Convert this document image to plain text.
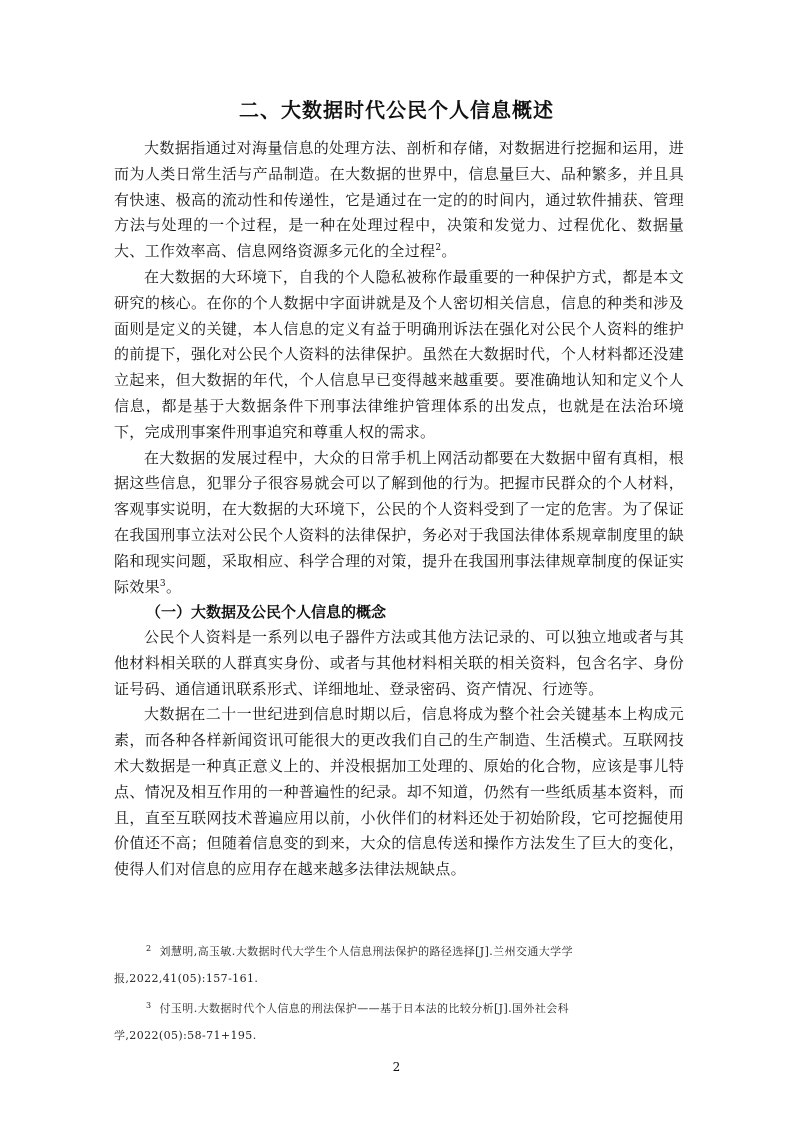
二、大数据时代公民个人信息概述

大数据指通过对海量信息的处理方法、剖析和存储，对数据进行挖掘和运用，进而为人类日常生活与产品制造。在大数据的世界中，信息量巨大、品种繁多，并且具有快速、极高的流动性和传递性，它是通过在一定的的时间内，通过软件捕获、管理方法与处理的一个过程，是一种在处理过程中，决策和发觉力、过程优化、数据量大、工作效率高、信息网络资源多元化的全过程$^2$。

在大数据的大环境下，自我的个人隐私被称作最重要的一种保护方式，都是本文研究的核心。在你的个人数据中字面讲就是及个人密切相关信息，信息的种类和涉及面则是定义的关键，本人信息的定义有益于明确刑诉法在强化对公民个人资料的维护的前提下，强化对公民个人资料的法律保护。虽然在大数据时代，个人材料都还没建立起来，但大数据的年代，个人信息早已变得越来越重要。要准确地认知和定义个人信息，都是基于大数据条件下刑事法律维护管理体系的出发点，也就是在法治环境下，完成刑事案件刑事追究和尊重人权的需求。

在大数据的发展过程中，大众的日常手机上网活动都要在大数据中留有真相，根据这些信息，犯罪分子很容易就会可以了解到他的行为。把握市民群众的个人材料，客观事实说明，在大数据的大环境下，公民的个人资料受到了一定的危害。为了保证在我国刑事立法对公民个人资料的法律保护，务必对于我国法律体系规章制度里的缺陷和现实问题，采取相应、科学合理的对策，提升在我国刑事法律规章制度的保证实际效果$^3$。

（一）大数据及公民个人信息的概念

公民个人资料是一系列以电子器件方法或其他方法记录的、可以独立地或者与其他材料相关联的人群真实身份、或者与其他材料相关联的相关资料，包含名字、身份证号码、通信通讯联系形式、详细地址、登录密码、资产情况、行迹等。

大数据在二十一世纪进到信息时期以后，信息将成为整个社会关键基本上构成元素，而各种各样新闻资讯可能很大的更改我们自己的生产制造、生活模式。互联网技术大数据是一种真正意义上的、并没根据加工处理的、原始的化合物，应该是事儿特点、情况及相互作用的一种普遍性的纪录。却不知道，仍然有一些纸质基本资料，而且，直至互联网技术普遍应用以前，小伙伴们的材料还处于初始阶段，它可挖掘使用价值还不高；但随着信息变的到来，大众的信息传送和操作方法发生了巨大的变化，使得人们对信息的应用存在越来越多法律法规缺点。

$^2$ 刘慧明,高玉敏.大数据时代大学生个人信息刑法保护的路径选择[J].兰州交通大学学
报,2022,41(05):157-161.

$^3$ 付玉明.大数据时代个人信息的刑法保护——基于日本法的比较分析[J].国外社会科
学,2022(05):58-71+195.

2
